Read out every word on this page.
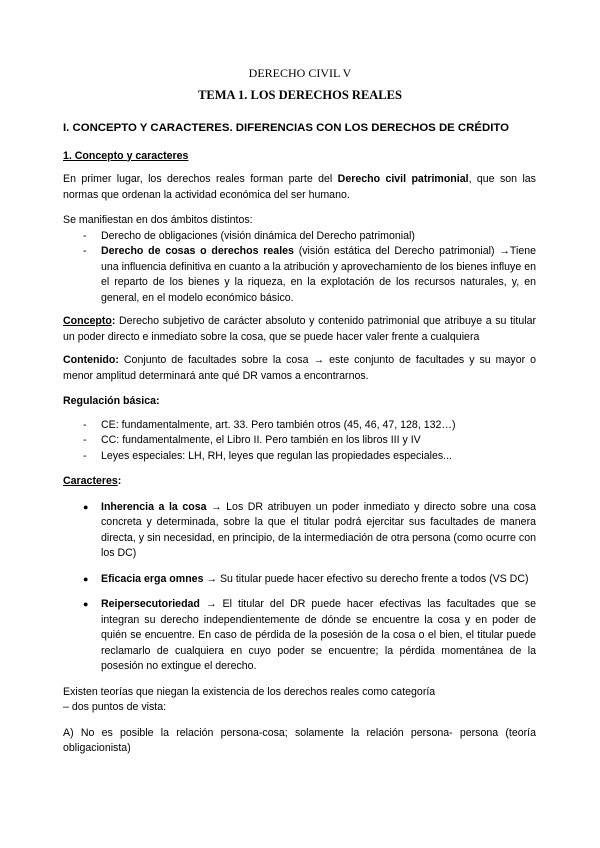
DERECHO CIVIL V
TEMA 1. LOS DERECHOS REALES

I. CONCEPTO Y CARACTERES. DIFERENCIAS CON LOS DERECHOS DE CRÉDITO

1. Concepto y caracteres

En primer lugar, los derechos reales forman parte del Derecho civil patrimonial, que son las normas que ordenan la actividad económica del ser humano.

Se manifiestan en dos ámbitos distintos:

- Derecho de obligaciones (visión dinámica del Derecho patrimonial)
- Derecho de cosas o derechos reales (visión estática del Derecho patrimonial) →Tiene una influencia definitiva en cuanto a la atribución y aprovechamiento de los bienes influye en el reparto de los bienes y la riqueza, en la explotación de los recursos naturales, y, en general, en el modelo económico básico.

Concepto: Derecho subjetivo de carácter absoluto y contenido patrimonial que atribuye a su titular un poder directo e inmediato sobre la cosa, que se puede hacer valer frente a cualquiera

Contenido: Conjunto de facultades sobre la cosa → este conjunto de facultades y su mayor o menor amplitud determinará ante qué DR vamos a encontrarnos.

Regulación básica:

- CE: fundamentalmente, art. 33. Pero también otros (45, 46, 47, 128, 132…)
- CC: fundamentalmente, el Libro II. Pero también en los libros III y IV
- Leyes especiales: LH, RH, leyes que regulan las propiedades especiales...

Caracteres:

● Inherencia a la cosa → Los DR atribuyen un poder inmediato y directo sobre una cosa concreta y determinada, sobre la que el titular podrá ejercitar sus facultades de manera directa, y sin necesidad, en principio, de la intermediación de otra persona (como ocurre con los DC)
● Eficacia erga omnes → Su titular puede hacer efectivo su derecho frente a todos (VS DC)
● Reipersecutoriedad → El titular del DR puede hacer efectivas las facultades que se integran su derecho independientemente de dónde se encuentre la cosa y en poder de quién se encuentre. En caso de pérdida de la posesión de la cosa o el bien, el titular puede reclamarlo de cualquiera en cuyo poder se encuentre; la pérdida momentánea de la posesión no extingue el derecho.

Existen teorías que niegan la existencia de los derechos reales como categoría

– dos puntos de vista:

A) No es posible la relación persona-cosa; solamente la relación persona- persona (teoría obligacionista)
